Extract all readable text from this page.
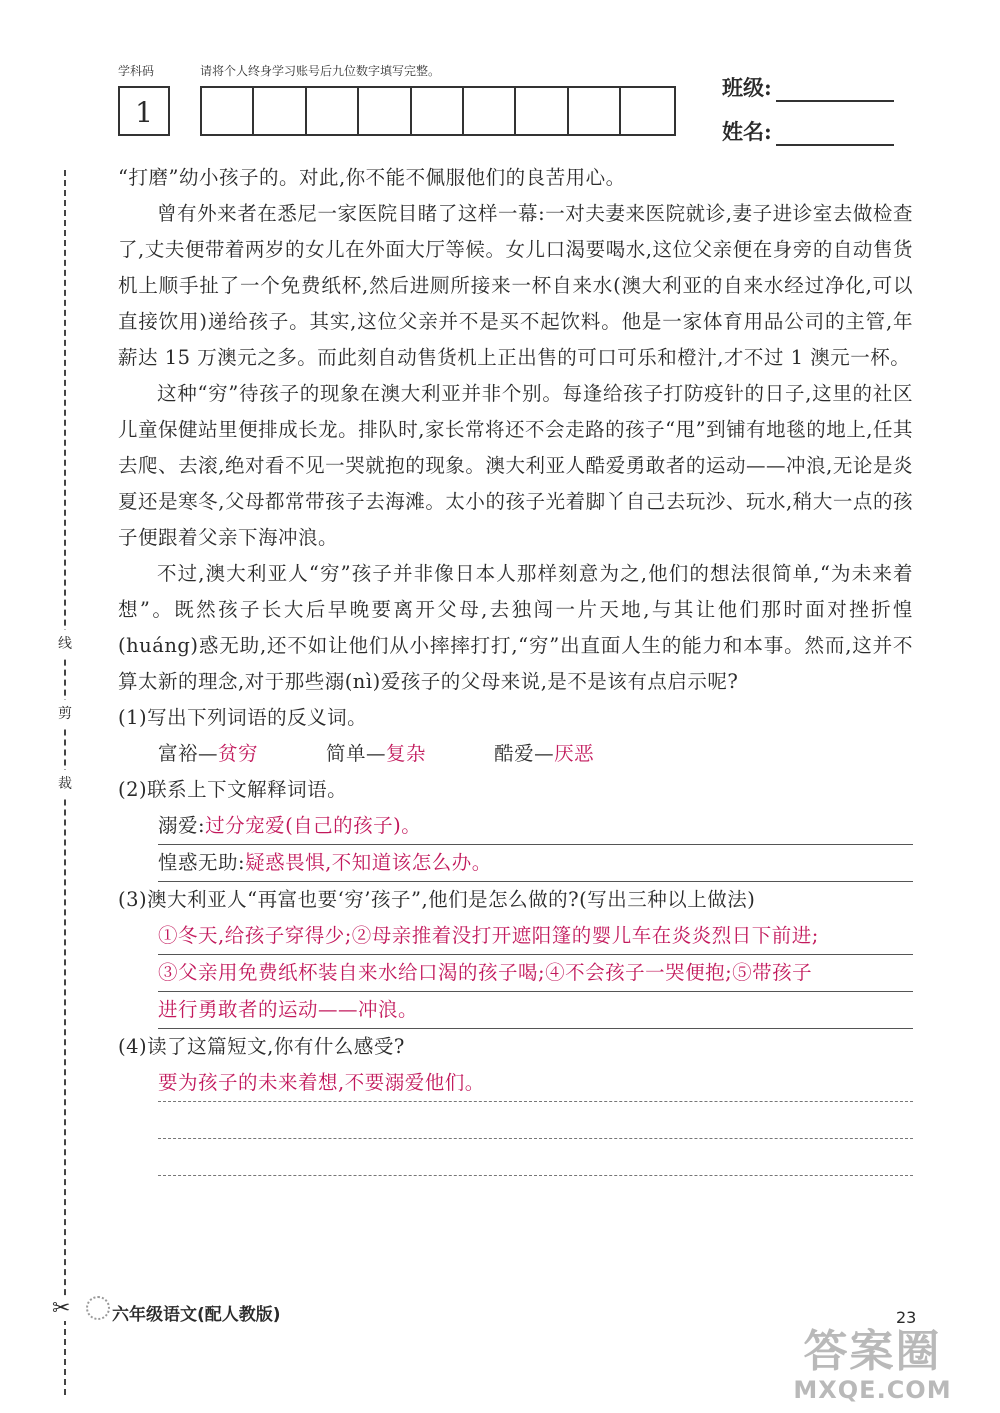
学科码	请将个人终身学习账号后九位数字填写完整。
1
班级:
姓名:
线
剪
裁
✂

“打磨”幼小孩子的。对此,你不能不佩服他们的良苦用心。

曾有外来者在悉尼一家医院目睹了这样一幕:一对夫妻来医院就诊,妻子进诊室去做检查了,丈夫便带着两岁的女儿在外面大厅等候。女儿口渴要喝水,这位父亲便在身旁的自动售货机上顺手扯了一个免费纸杯,然后进厕所接来一杯自来水(澳大利亚的自来水经过净化,可以直接饮用)递给孩子。其实,这位父亲并不是买不起饮料。他是一家体育用品公司的主管,年薪达 15 万澳元之多。而此刻自动售货机上正出售的可口可乐和橙汁,才不过 1 澳元一杯。

这种“穷”待孩子的现象在澳大利亚并非个别。每逢给孩子打防疫针的日子,这里的社区儿童保健站里便排成长龙。排队时,家长常将还不会走路的孩子“甩”到铺有地毯的地上,任其去爬、去滚,绝对看不见一哭就抱的现象。澳大利亚人酷爱勇敢者的运动——冲浪,无论是炎夏还是寒冬,父母都常带孩子去海滩。太小的孩子光着脚丫自己去玩沙、玩水,稍大一点的孩子便跟着父亲下海冲浪。

不过,澳大利亚人“穷”孩子并非像日本人那样刻意为之,他们的想法很简单,“为未来着想”。既然孩子长大后早晚要离开父母,去独闯一片天地,与其让他们那时面对挫折惶(huáng)惑无助,还不如让他们从小摔摔打打,“穷”出直面人生的能力和本事。然而,这并不算太新的理念,对于那些溺(nì)爱孩子的父母来说,是不是该有点启示呢?

(1)写出下列词语的反义词。

富裕—贫穷	简单—复杂	酷爱—厌恶

(2)联系上下文解释词语。

溺爱:过分宠爱(自己的孩子)。
惶惑无助:疑惑畏惧,不知道该怎么办。

(3)澳大利亚人“再富也要‘穷’孩子”,他们是怎么做的?(写出三种以上做法)

①冬天,给孩子穿得少;②母亲推着没打开遮阳篷的婴儿车在炎炎烈日下前进;
③父亲用免费纸杯装自来水给口渴的孩子喝;④不会孩子一哭便抱;⑤带孩子
进行勇敢者的运动——冲浪。

(4)读了这篇短文,你有什么感受?

要为孩子的未来着想,不要溺爱他们。
六年级语文(配人教版)	23
答案圈
MXQE.COM
